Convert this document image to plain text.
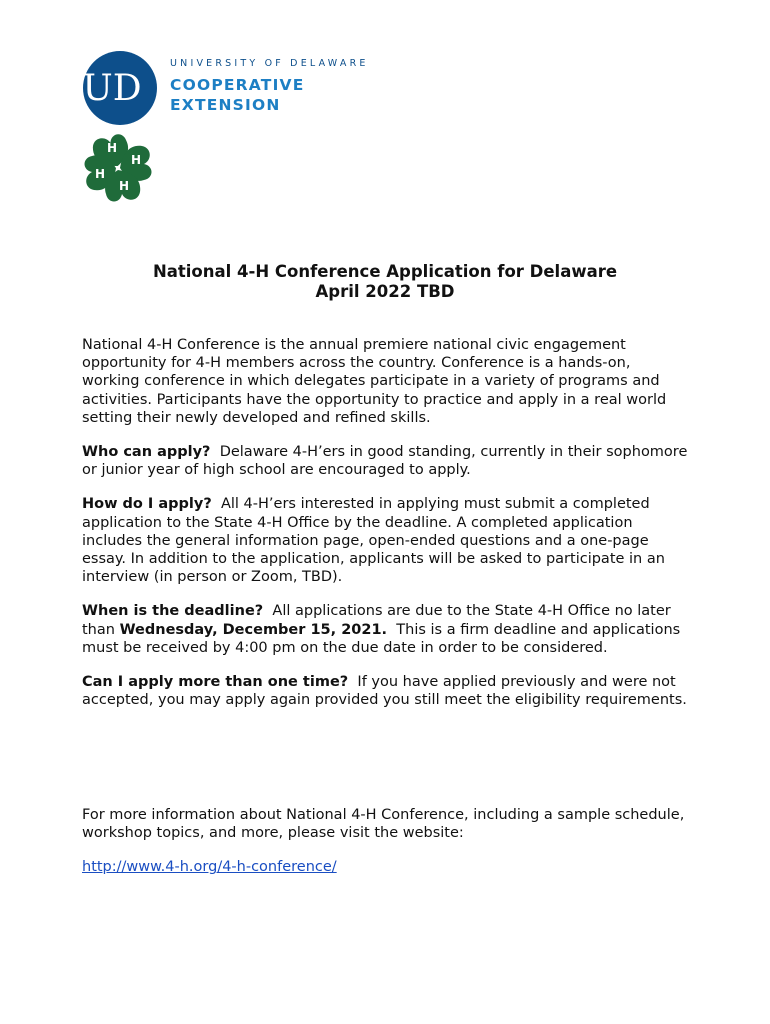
UD
UNIVERSITY OF DELAWARE
COOPERATIVE
EXTENSION
H
H
H
H
National 4-H Conference Application for Delaware
April 2022 TBD

National 4-H Conference is the annual premiere national civic engagement opportunity for 4-H members across the country. Conference is a hands-on, working conference in which delegates participate in a variety of programs and activities. Participants have the opportunity to practice and apply in a real world setting their newly developed and refined skills.

Who can apply? Delaware 4-H’ers in good standing, currently in their sophomore or junior year of high school are encouraged to apply.

How do I apply? All 4-H’ers interested in applying must submit a completed application to the State 4-H Office by the deadline. A completed application includes the general information page, open-ended questions and a one-page essay. In addition to the application, applicants will be asked to participate in an interview (in person or Zoom, TBD).

When is the deadline? All applications are due to the State 4-H Office no later than Wednesday, December 15, 2021. This is a firm deadline and applications must be received by 4:00 pm on the due date in order to be considered.

Can I apply more than one time? If you have applied previously and were not accepted, you may apply again provided you still meet the eligibility requirements.

For more information about National 4-H Conference, including a sample schedule, workshop topics, and more, please visit the website:

http://www.4-h.org/4-h-conference/
